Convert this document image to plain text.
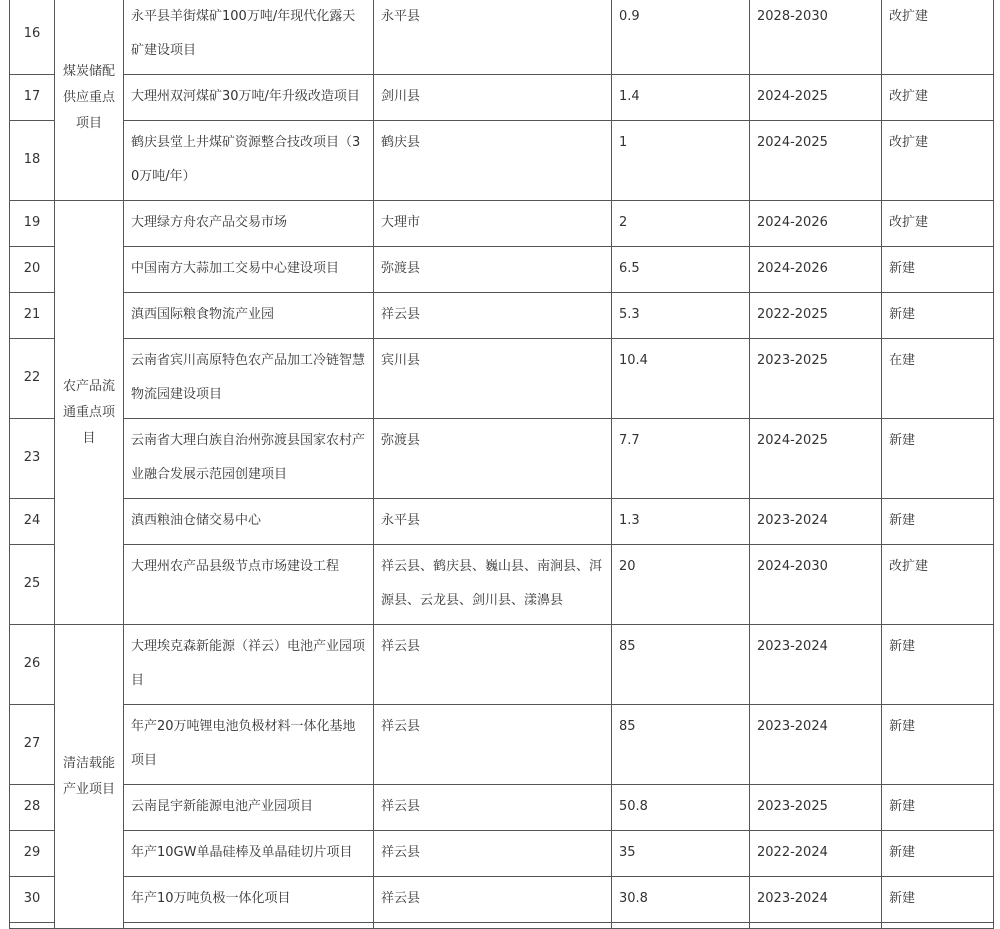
16	煤炭储配供应重点项目	永平县羊街煤矿100万吨/年现代化露天矿建设项目	永平县	0.9	2028-2030	改扩建
17		大理州双河煤矿30万吨/年升级改造项目	剑川县	1.4	2024-2025	改扩建
18		鹤庆县堂上井煤矿资源整合技改项目（30万吨/年）	鹤庆县	1	2024-2025	改扩建
19	农产品流通重点项目	大理绿方舟农产品交易市场	大理市	2	2024-2026	改扩建
20		中国南方大蒜加工交易中心建设项目	弥渡县	6.5	2024-2026	新建
21		滇西国际粮食物流产业园	祥云县	5.3	2022-2025	新建
22		云南省宾川高原特色农产品加工冷链智慧物流园建设项目	宾川县	10.4	2023-2025	在建
23		云南省大理白族自治州弥渡县国家农村产业融合发展示范园创建项目	弥渡县	7.7	2024-2025	新建
24		滇西粮油仓储交易中心	永平县	1.3	2023-2024	新建
25		大理州农产品县级节点市场建设工程	祥云县、鹤庆县、巍山县、南涧县、洱源县、云龙县、剑川县、漾濞县	20	2024-2030	改扩建
26	清洁载能产业项目	大理埃克森新能源（祥云）电池产业园项目	祥云县	85	2023-2024	新建
27		年产20万吨锂电池负极材料一体化基地项目	祥云县	85	2023-2024	新建
28		云南昆宇新能源电池产业园项目	祥云县	50.8	2023-2025	新建
29		年产10GW单晶硅棒及单晶硅切片项目	祥云县	35	2022-2024	新建
30		年产10万吨负极一体化项目	祥云县	30.8	2023-2024	新建
